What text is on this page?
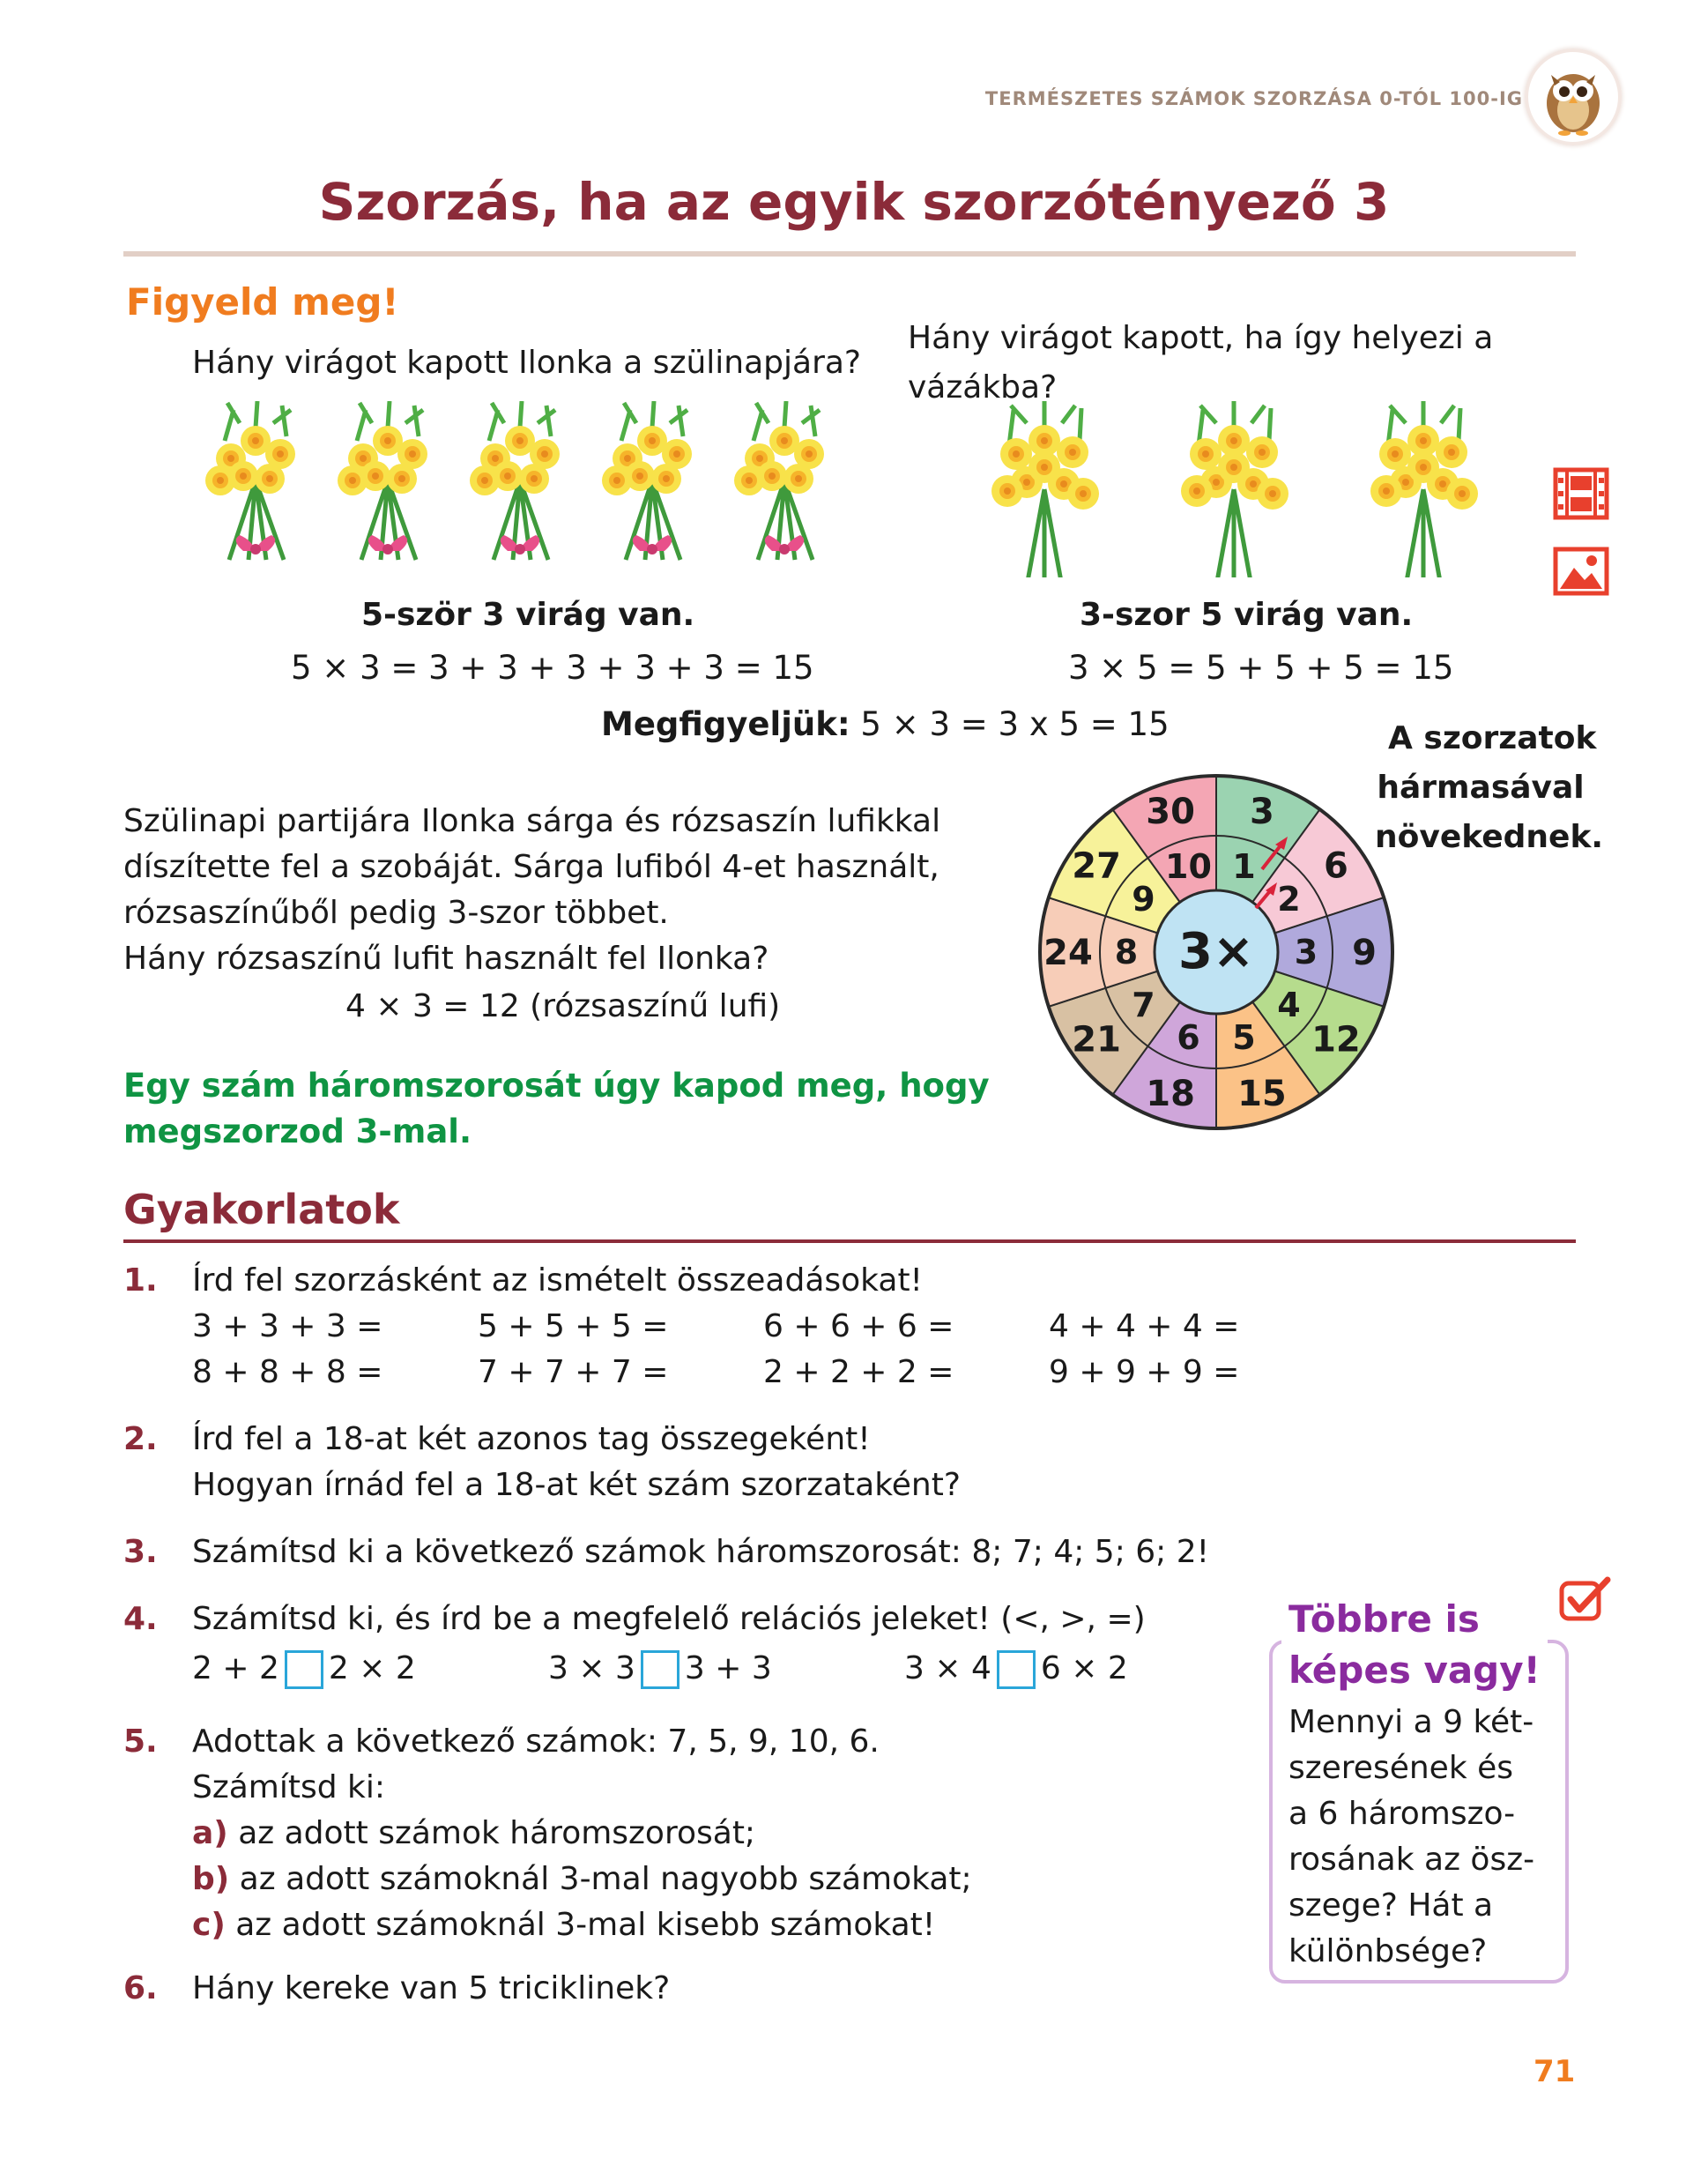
TERMÉSZETES SZÁMOK SZORZÁSA 0-TÓL 100-IG
Szorzás, ha az egyik szorzótényező 3
Figyeld meg!
Hány virágot kapott Ilonka a szülinapjára?
Hány virágot kapott, ha így helyezi a
vázákba?
5-ször 3 virág van.
5 × 3 = 3 + 3 + 3 + 3 + 3 = 15
3-szor 5 virág van.
3 × 5 = 5 + 5 + 5 = 15
Megfigyeljük: 5 × 3 = 3 x 5 = 15
Szülinapi partijára Ilonka sárga és rózsaszín lufikkal
díszítette fel a szobáját. Sárga lufiból 4-et használt,
rózsaszínűből pedig 3-szor többet.
Hány rózsaszínű lufit használt fel Ilonka?
4 × 3 = 12 (rózsaszínű lufi)
Egy szám háromszorosát úgy kapod meg, hogy
megszorzod 3-mal.
3×
3
1 6
2
9
3
12
4
15
5
18
6
21
7
24 8
27
9
30
10
A szorzatok
hármasával
növekednek.
Gyakorlatok
1. Írd fel szorzásként az ismételt összeadásokat!
3 + 3 + 3 =	5 + 5 + 5 =	6 + 6 + 6 =	4 + 4 + 4 =
8 + 8 + 8 =	7 + 7 + 7 =	2 + 2 + 2 =	9 + 9 + 9 =
2. Írd fel a 18-at két azonos tag összegeként!
Hogyan írnád fel a 18-at két szám szorzataként?
3. Számítsd ki a következő számok háromszorosát: 8; 7; 4; 5; 6; 2!
4. Számítsd ki, és írd be a megfelelő relációs jeleket! (<, >, =)
2 + 2 2 × 2	3 × 3 3 + 3	3 × 4 6 × 2
5. Adottak a következő számok: 7, 5, 9, 10, 6.
Számítsd ki:
a) az adott számok háromszorosát;
b) az adott számoknál 3-mal nagyobb számokat;
c) az adott számoknál 3-mal kisebb számokat!
6. Hány kereke van 5 triciklinek?
Többre is
képes vagy!
Mennyi a 9 két-
szeresének és
a 6 háromszo-
rosának az ösz-
szege? Hát a
különbsége?
71
